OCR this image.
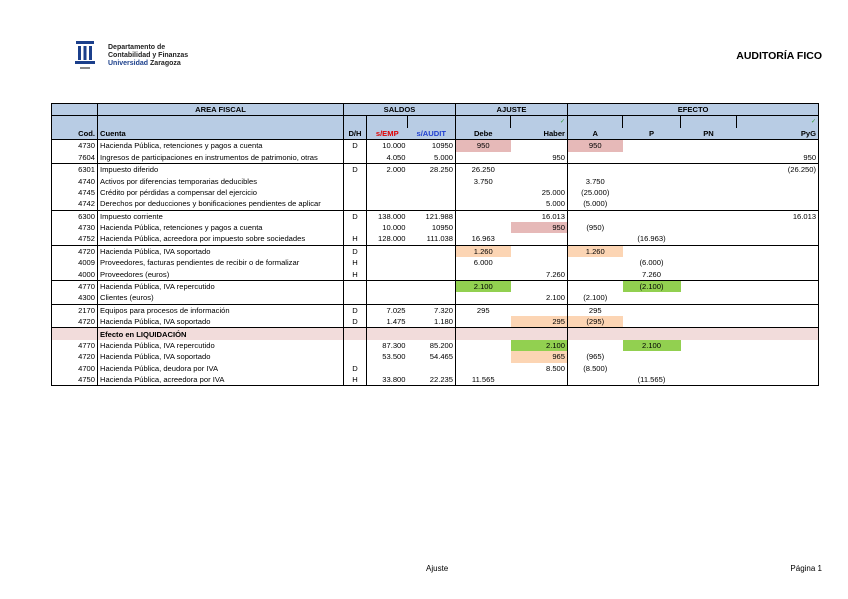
Departamento de
Contabilidad y Finanzas
Universidad Zaragoza
AUDITORÍA FICO
	AREA FISCAL	SALDOS			AJUSTE		EFECTO			

						✓				✓

Cod.	Cuenta	D/H	s/EMP	s/AUDIT	Debe	Haber	A	P	PN	PyG
4730	Hacienda Pública, retenciones y pagos a cuenta	D	10.000	10950	950		950			
7604	Ingresos de participaciones en instrumentos de patrimonio, otras		4.050	5.000		950				950
6301	Impuesto diferido	D	2.000	28.250	26.250					(26.250)
4740	Activos por diferencias temporarias deducibles				3.750		3.750			
4745	Crédito por pérdidas a compensar del ejercicio					25.000	(25.000)			
4742	Derechos por deducciones y bonificaciones pendientes de aplicar					5.000	(5.000)			
6300	Impuesto corriente	D	138.000	121.988		16.013				16.013
4730	Hacienda Pública, retenciones y pagos a cuenta		10.000	10950		950	(950)			
4752	Hacienda Pública, acreedora por impuesto sobre sociedades	H	128.000	111.038	16.963			(16.963)		
4720	Hacienda Pública, IVA soportado	D			1.260		1.260			
4009	Proveedores, facturas pendientes de recibir o de formalizar	H			6.000			(6.000)		
4000	Proveedores (euros)	H				7.260		7.260		
4770	Hacienda Pública, IVA repercutido				2.100			(2.100)		
4300	Clientes (euros)					2.100	(2.100)			
2170	Equipos para procesos de información	D	7.025	7.320	295		295			
4720	Hacienda Pública, IVA soportado	D	1.475	1.180		295	(295)			
	Efecto en LIQUIDACIÓN									
4770	Hacienda Pública, IVA repercutido		87.300	85.200		2.100		2.100		
4720	Hacienda Pública, IVA soportado		53.500	54.465		965	(965)			
4700	Hacienda Pública, deudora por IVA	D				8.500	(8.500)			
4750	Hacienda Pública, acreedora por IVA	H	33.800	22.235	11.565			(11.565)		
Ajuste	Página 1
